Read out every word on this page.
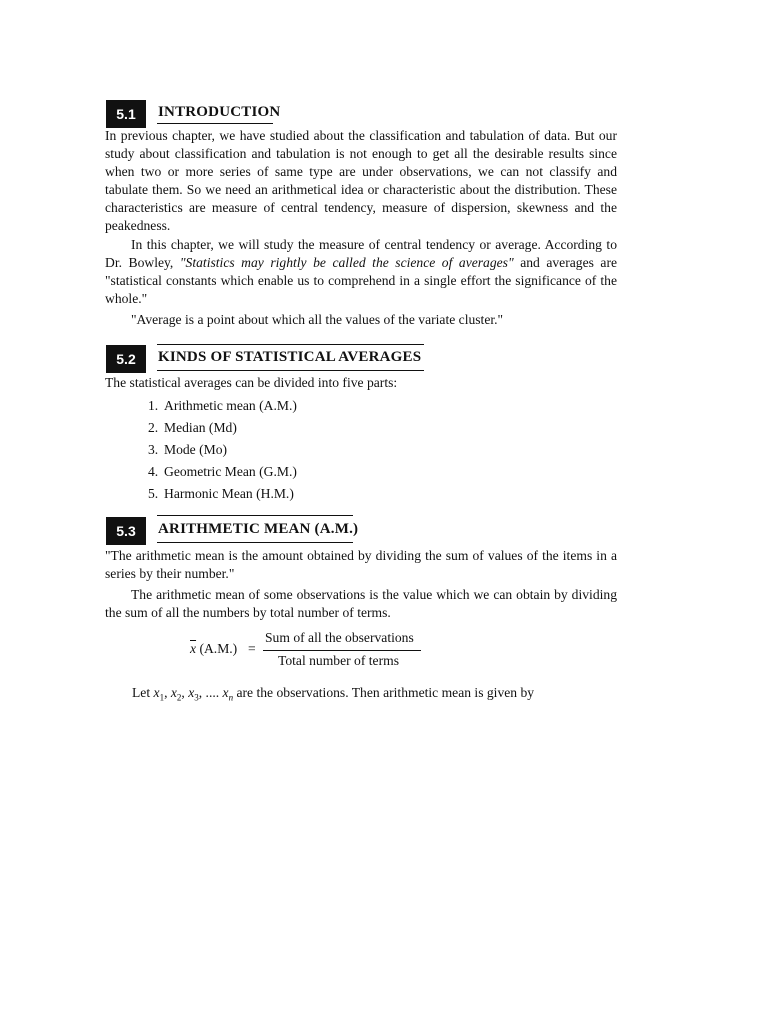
5.1	INTRODUCTION

In previous chapter, we have studied about the classification and tabulation of data. But our study about classification and tabulation is not enough to get all the desirable results since when two or more series of same type are under observations, we can not classify and tabulate them. So we need an arithmetical idea or characteristic about the distribution. These characteristics are measure of central tendency, measure of dispersion, skewness and the peakedness.

In this chapter, we will study the measure of central tendency or average. According to Dr. Bowley, "Statistics may rightly be called the science of averages" and averages are "statistical constants which enable us to comprehend in a single effort the significance of the whole."

"Average is a point about which all the values of the variate cluster."

5.2	KINDS OF STATISTICAL AVERAGES

The statistical averages can be divided into five parts:

1. Arithmetic mean (A.M.)
2. Median (Md)
3. Mode (Mo)
4. Geometric Mean (G.M.)
5. Harmonic Mean (H.M.)
5.3	ARITHMETIC MEAN (A.M.)

"The arithmetic mean is the amount obtained by dividing the sum of values of the items in a series by their number."

The arithmetic mean of some observations is the value which we can obtain by dividing the sum of all the numbers by total number of terms.

$\overline{x}$ (A.M.) =
Sum of all the observations
Total number of terms

Let $x_1$, $x_2$, $x_3$, .... $x_n$ are the observations. Then arithmetic mean is given by
